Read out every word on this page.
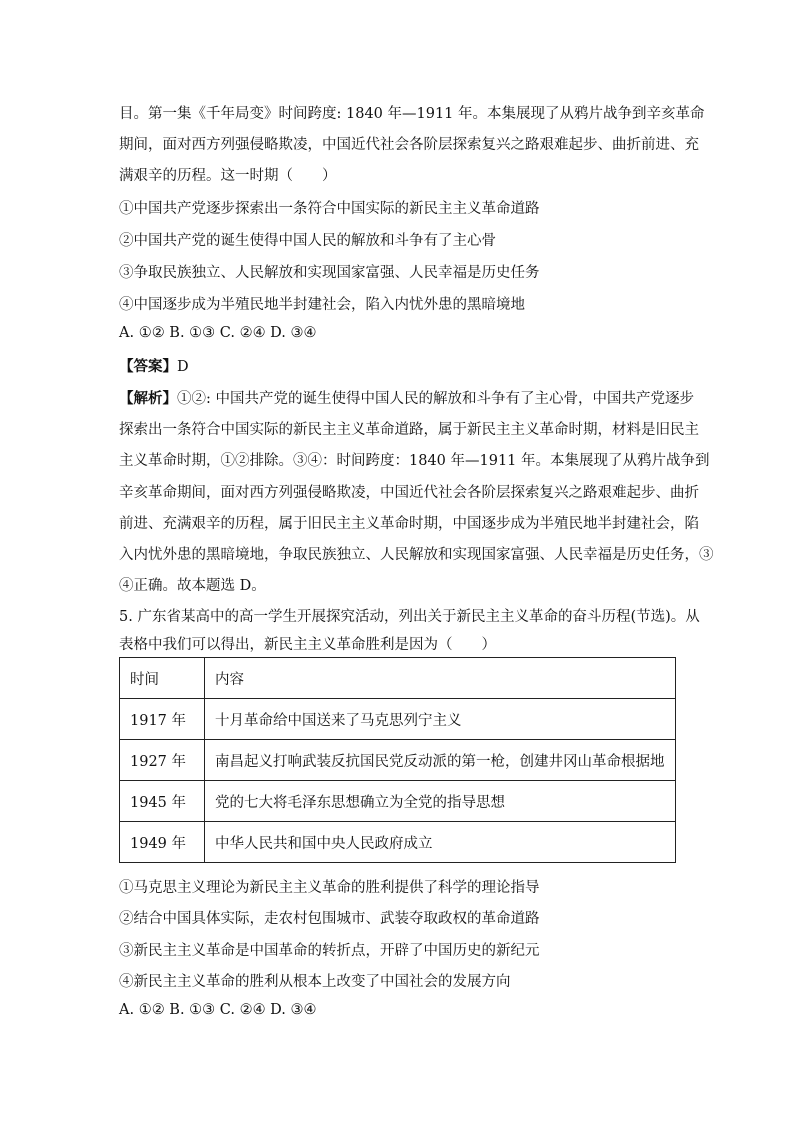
目。第一集《千年局变》时间跨度: 1840 年—1911 年。本集展现了从鸦片战争到辛亥革命
期间，面对西方列强侵略欺凌，中国近代社会各阶层探索复兴之路艰难起步、曲折前进、充
满艰辛的历程。这一时期（　　）
①中国共产党逐步探索出一条符合中国实际的新民主主义革命道路
②中国共产党的诞生使得中国人民的解放和斗争有了主心骨
③争取民族独立、人民解放和实现国家富强、人民幸福是历史任务
④中国逐步成为半殖民地半封建社会，陷入内忧外患的黑暗境地
A. ①② B. ①③ C. ②④ D. ③④
【答案】D
【解析】①②: 中国共产党的诞生使得中国人民的解放和斗争有了主心骨，中国共产党逐步
探索出一条符合中国实际的新民主主义革命道路，属于新民主主义革命时期，材料是旧民主
主义革命时期，①②排除。③④：时间跨度：1840 年—1911 年。本集展现了从鸦片战争到
辛亥革命期间，面对西方列强侵略欺凌，中国近代社会各阶层探索复兴之路艰难起步、曲折
前进、充满艰辛的历程，属于旧民主主义革命时期，中国逐步成为半殖民地半封建社会，陷
入内忧外患的黑暗境地，争取民族独立、人民解放和实现国家富强、人民幸福是历史任务，③
④正确。故本题选 D。
5. 广东省某高中的高一学生开展探究活动，列出关于新民主主义革命的奋斗历程(节选)。从
表格中我们可以得出，新民主主义革命胜利是因为（　　）
时间	内容
1917 年	十月革命给中国送来了马克思列宁主义
1927 年	南昌起义打响武装反抗国民党反动派的第一枪，创建井冈山革命根据地
1945 年	党的七大将毛泽东思想确立为全党的指导思想
1949 年	中华人民共和国中央人民政府成立
①马克思主义理论为新民主主义革命的胜利提供了科学的理论指导
②结合中国具体实际，走农村包围城市、武装夺取政权的革命道路
③新民主主义革命是中国革命的转折点，开辟了中国历史的新纪元
④新民主主义革命的胜利从根本上改变了中国社会的发展方向
A. ①② B. ①③ C. ②④ D. ③④
